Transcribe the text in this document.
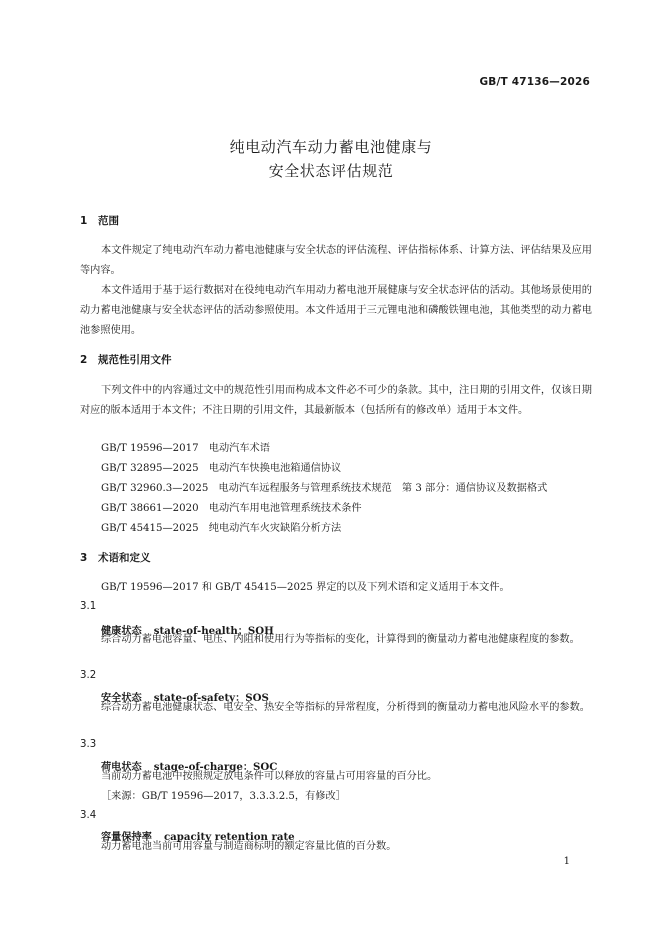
GB/T 47136—2026
纯电动汽车动力蓄电池健康与
安全状态评估规范
1 范围
本文件规定了纯电动汽车动力蓄电池健康与安全状态的评估流程、评估指标体系、计算方法、评估结果及应用等内容。
本文件适用于基于运行数据对在役纯电动汽车用动力蓄电池开展健康与安全状态评估的活动。其他场景使用的动力蓄电池健康与安全状态评估的活动参照使用。本文件适用于三元锂电池和磷酸铁锂电池，其他类型的动力蓄电池参照使用。
2 规范性引用文件
下列文件中的内容通过文中的规范性引用而构成本文件必不可少的条款。其中，注日期的引用文件，仅该日期对应的版本适用于本文件；不注日期的引用文件，其最新版本（包括所有的修改单）适用于本文件。
GB/T 19596—2017　电动汽车术语
GB/T 32895—2025　电动汽车快换电池箱通信协议
GB/T 32960.3—2025　电动汽车远程服务与管理系统技术规范　第 3 部分：通信协议及数据格式
GB/T 38661—2020　电动汽车用电池管理系统技术条件
GB/T 45415—2025　纯电动汽车火灾缺陷分析方法
3 术语和定义
GB/T 19596—2017 和 GB/T 45415—2025 界定的以及下列术语和定义适用于本文件。
3.1
健康状态 state-of-health；SOH
综合动力蓄电池容量、电压、内阻和使用行为等指标的变化，计算得到的衡量动力蓄电池健康程度的参数。
3.2
安全状态 state-of-safety：SOS
综合动力蓄电池健康状态、电安全、热安全等指标的异常程度，分析得到的衡量动力蓄电池风险水平的参数。
3.3
荷电状态 stage-of-charge：SOC
当前动力蓄电池中按照规定放电条件可以释放的容量占可用容量的百分比。
［来源：GB/T 19596—2017，3.3.3.2.5，有修改］
3.4
容量保持率 capacity retention rate
动力蓄电池当前可用容量与制造商标明的额定容量比值的百分数。
1
